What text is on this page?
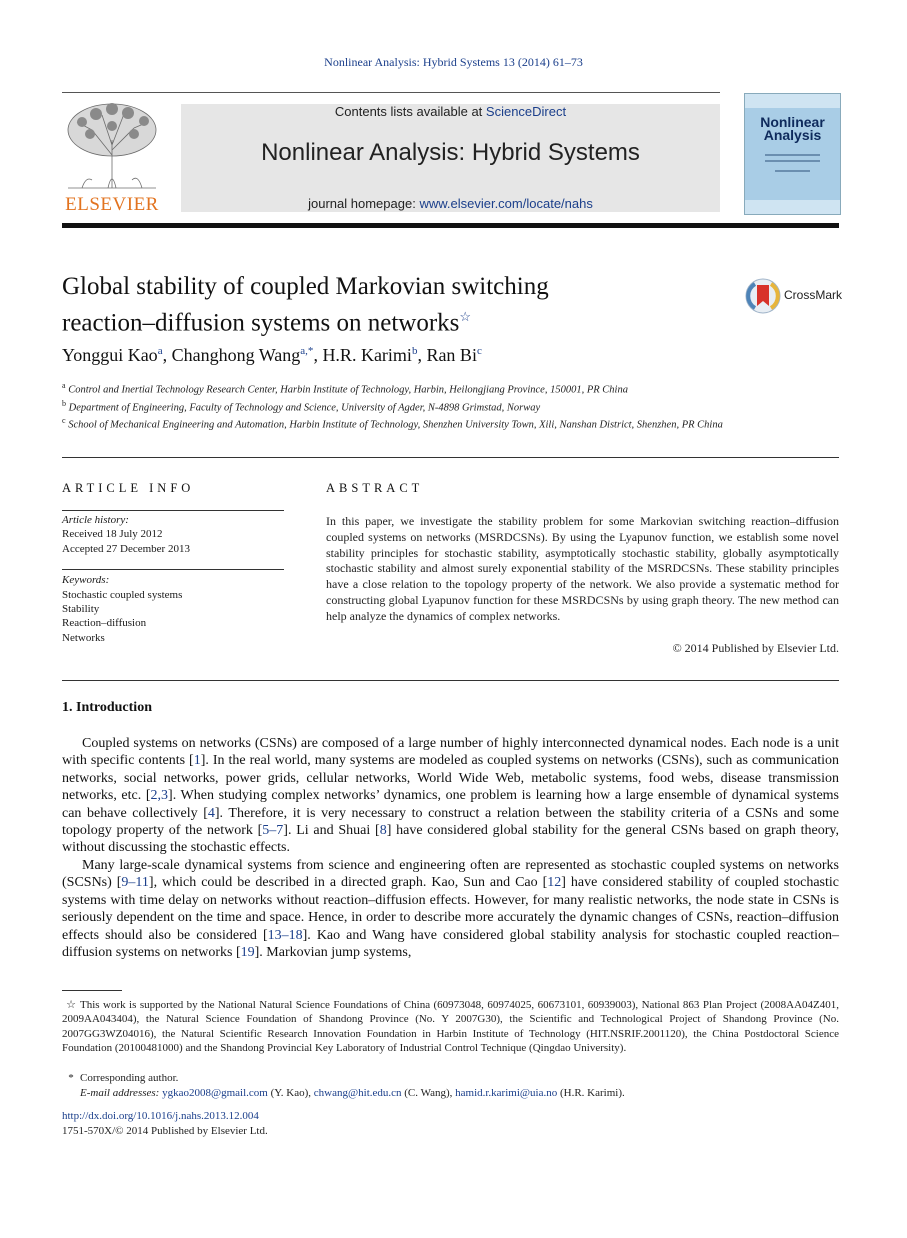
Nonlinear Analysis: Hybrid Systems 13 (2014) 61–73
ELSEVIER
Contents lists available at ScienceDirect
Nonlinear Analysis: Hybrid Systems
journal homepage: www.elsevier.com/locate/nahs
Nonlinear Analysis
Global stability of coupled Markovian switching
reaction–diffusion systems on networks☆
CrossMark
Yonggui Kao$^a$, Changhong Wang$^{a,*}$, H.R. Karimi$^b$, Ran Bi$^c$
$^a$ Control and Inertial Technology Research Center, Harbin Institute of Technology, Harbin, Heilongjiang Province, 150001, PR China
$^b$ Department of Engineering, Faculty of Technology and Science, University of Agder, N-4898 Grimstad, Norway
$^c$ School of Mechanical Engineering and Automation, Harbin Institute of Technology, Shenzhen University Town, Xili, Nanshan District, Shenzhen, PR China
ARTICLE INFO	ABSTRACT
Article history:
Received 18 July 2012
Accepted 27 December 2013
Keywords:
Stochastic coupled systems
Stability
Reaction–diffusion
Networks
In this paper, we investigate the stability problem for some Markovian switching reaction–diffusion coupled systems on networks (MSRDCSNs). By using the Lyapunov function, we establish some novel stability principles for stochastic stability, asymptotically stochastic stability, globally asymptotically stochastic stability and almost surely exponential stability of the MSRDCSNs. These stability principles have a close relation to the topology property of the network. We also provide a systematic method for constructing global Lyapunov function for these MSRDCSNs by using graph theory. The new method can help analyze the dynamics of complex networks.
© 2014 Published by Elsevier Ltd.
1. Introduction
Coupled systems on networks (CSNs) are composed of a large number of highly interconnected dynamical nodes. Each node is a unit with specific contents [1]. In the real world, many systems are modeled as coupled systems on networks (CSNs), such as communication networks, social networks, power grids, cellular networks, World Wide Web, metabolic systems, food webs, disease transmission networks, etc. [2,3]. When studying complex networks’ dynamics, one problem is learning how a large ensemble of dynamical systems can behave collectively [4]. Therefore, it is very necessary to construct a relation between the stability criteria of a CSNs and some topology property of the network [5–7]. Li and Shuai [8] have considered global stability for the general CSNs based on graph theory, without discussing the stochastic effects.
Many large-scale dynamical systems from science and engineering often are represented as stochastic coupled systems on networks (SCSNs) [9–11], which could be described in a directed graph. Kao, Sun and Cao [12] have considered stability of coupled stochastic systems with time delay on networks without reaction–diffusion effects. However, for many realistic networks, the node state in CSNs is seriously dependent on the time and space. Hence, in order to describe more accurately the dynamic changes of CSNs, reaction–diffusion effects should also be considered [13–18]. Kao and Wang have considered global stability analysis for stochastic coupled reaction–diffusion systems on networks [19]. Markovian jump systems,
☆ This work is supported by the National Natural Science Foundations of China (60973048, 60974025, 60673101, 60939003), National 863 Plan Project (2008AA04Z401, 2009AA043404), the Natural Science Foundation of Shandong Province (No. Y 2007G30), the Scientific and Technological Project of Shandong Province (No. 2007GG3WZ04016), the Natural Scientific Research Innovation Foundation in Harbin Institute of Technology (HIT.NSRIF.2001120), the China Postdoctoral Science Foundation (20100481000) and the Shandong Provincial Key Laboratory of Industrial Control Technique (Qingdao University).
* Corresponding author.
E-mail addresses: ygkao2008@gmail.com (Y. Kao), chwang@hit.edu.cn (C. Wang), hamid.r.karimi@uia.no (H.R. Karimi).
http://dx.doi.org/10.1016/j.nahs.2013.12.004
1751-570X/© 2014 Published by Elsevier Ltd.
